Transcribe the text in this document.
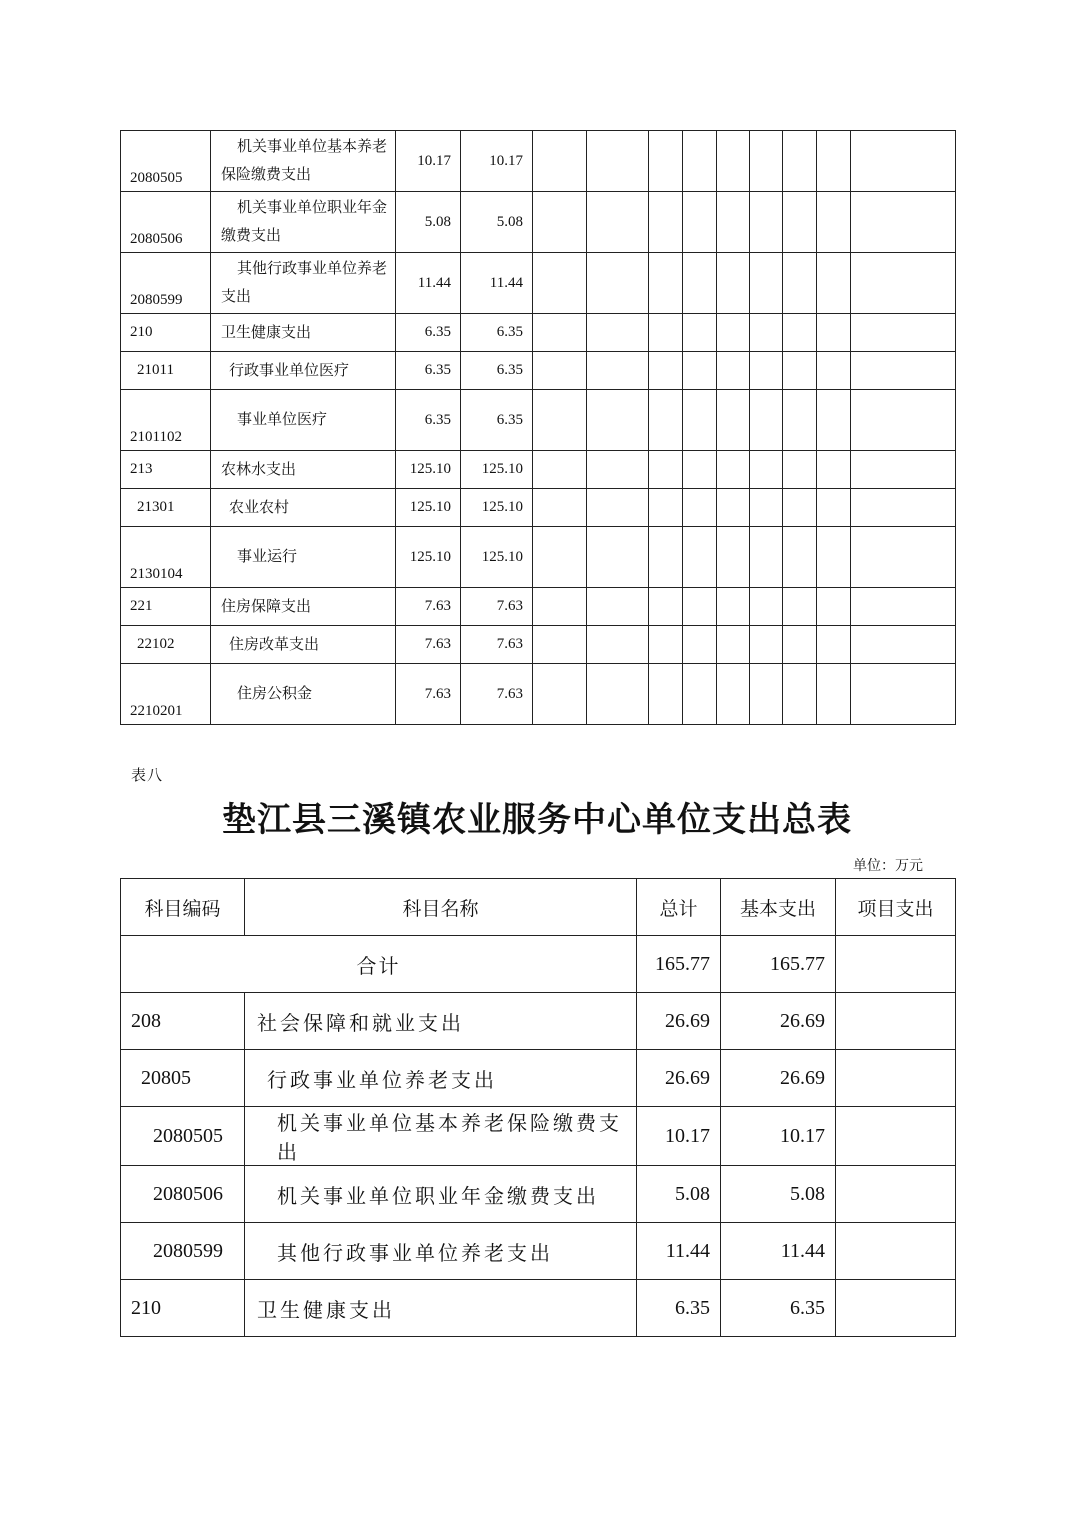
2080505	机关事业单位基本养老保险缴费支出	10.17	10.17									
2080506	机关事业单位职业年金缴费支出	5.08	5.08									
2080599	其他行政事业单位养老支出	11.44	11.44									
210	卫生健康支出	6.35	6.35									
21011	行政事业单位医疗	6.35	6.35									
2101102	事业单位医疗	6.35	6.35									
213	农林水支出	125.10	125.10									
21301	农业农村	125.10	125.10									
2130104	事业运行	125.10	125.10									
221	住房保障支出	7.63	7.63									
22102	住房改革支出	7.63	7.63									
2210201	住房公积金	7.63	7.63									
表八
垫江县三溪镇农业服务中心单位支出总表
单位：万元
科目编码	科目名称	总计	基本支出	项目支出
合计		165.77	165.77	
208	社会保障和就业支出	26.69	26.69	
20805	行政事业单位养老支出	26.69	26.69	
2080505	机关事业单位基本养老保险缴费支出	10.17	10.17	
2080506	机关事业单位职业年金缴费支出	5.08	5.08	
2080599	其他行政事业单位养老支出	11.44	11.44	
210	卫生健康支出	6.35	6.35	
